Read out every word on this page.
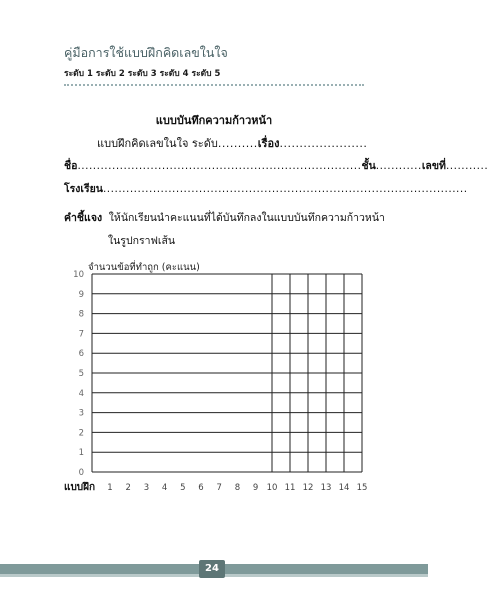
คู่มือการใช้แบบฝึกคิดเลขในใจ
ระดับ 1 ระดับ 2 ระดับ 3 ระดับ 4 ระดับ 5
แบบบันทึกความก้าวหน้า
แบบฝึกคิดเลขในใจ ระดับ..........เรื่อง......................
ชื่อ..........................................................................ชั้น............เลขที่...........
โรงเรียน...............................................................................................
คำชี้แจง ให้นักเรียนนำคะแนนที่ได้บันทึกลงในแบบบันทึกความก้าวหน้า
ในรูปกราฟเส้น
จำนวนข้อที่ทำถูก (คะแนน)
0
1
2
3
4
5
6
7
8
9
10
1 2 3 4 5 6 7 8 9 10 11 12 13 14 15
แบบฝึก
24
